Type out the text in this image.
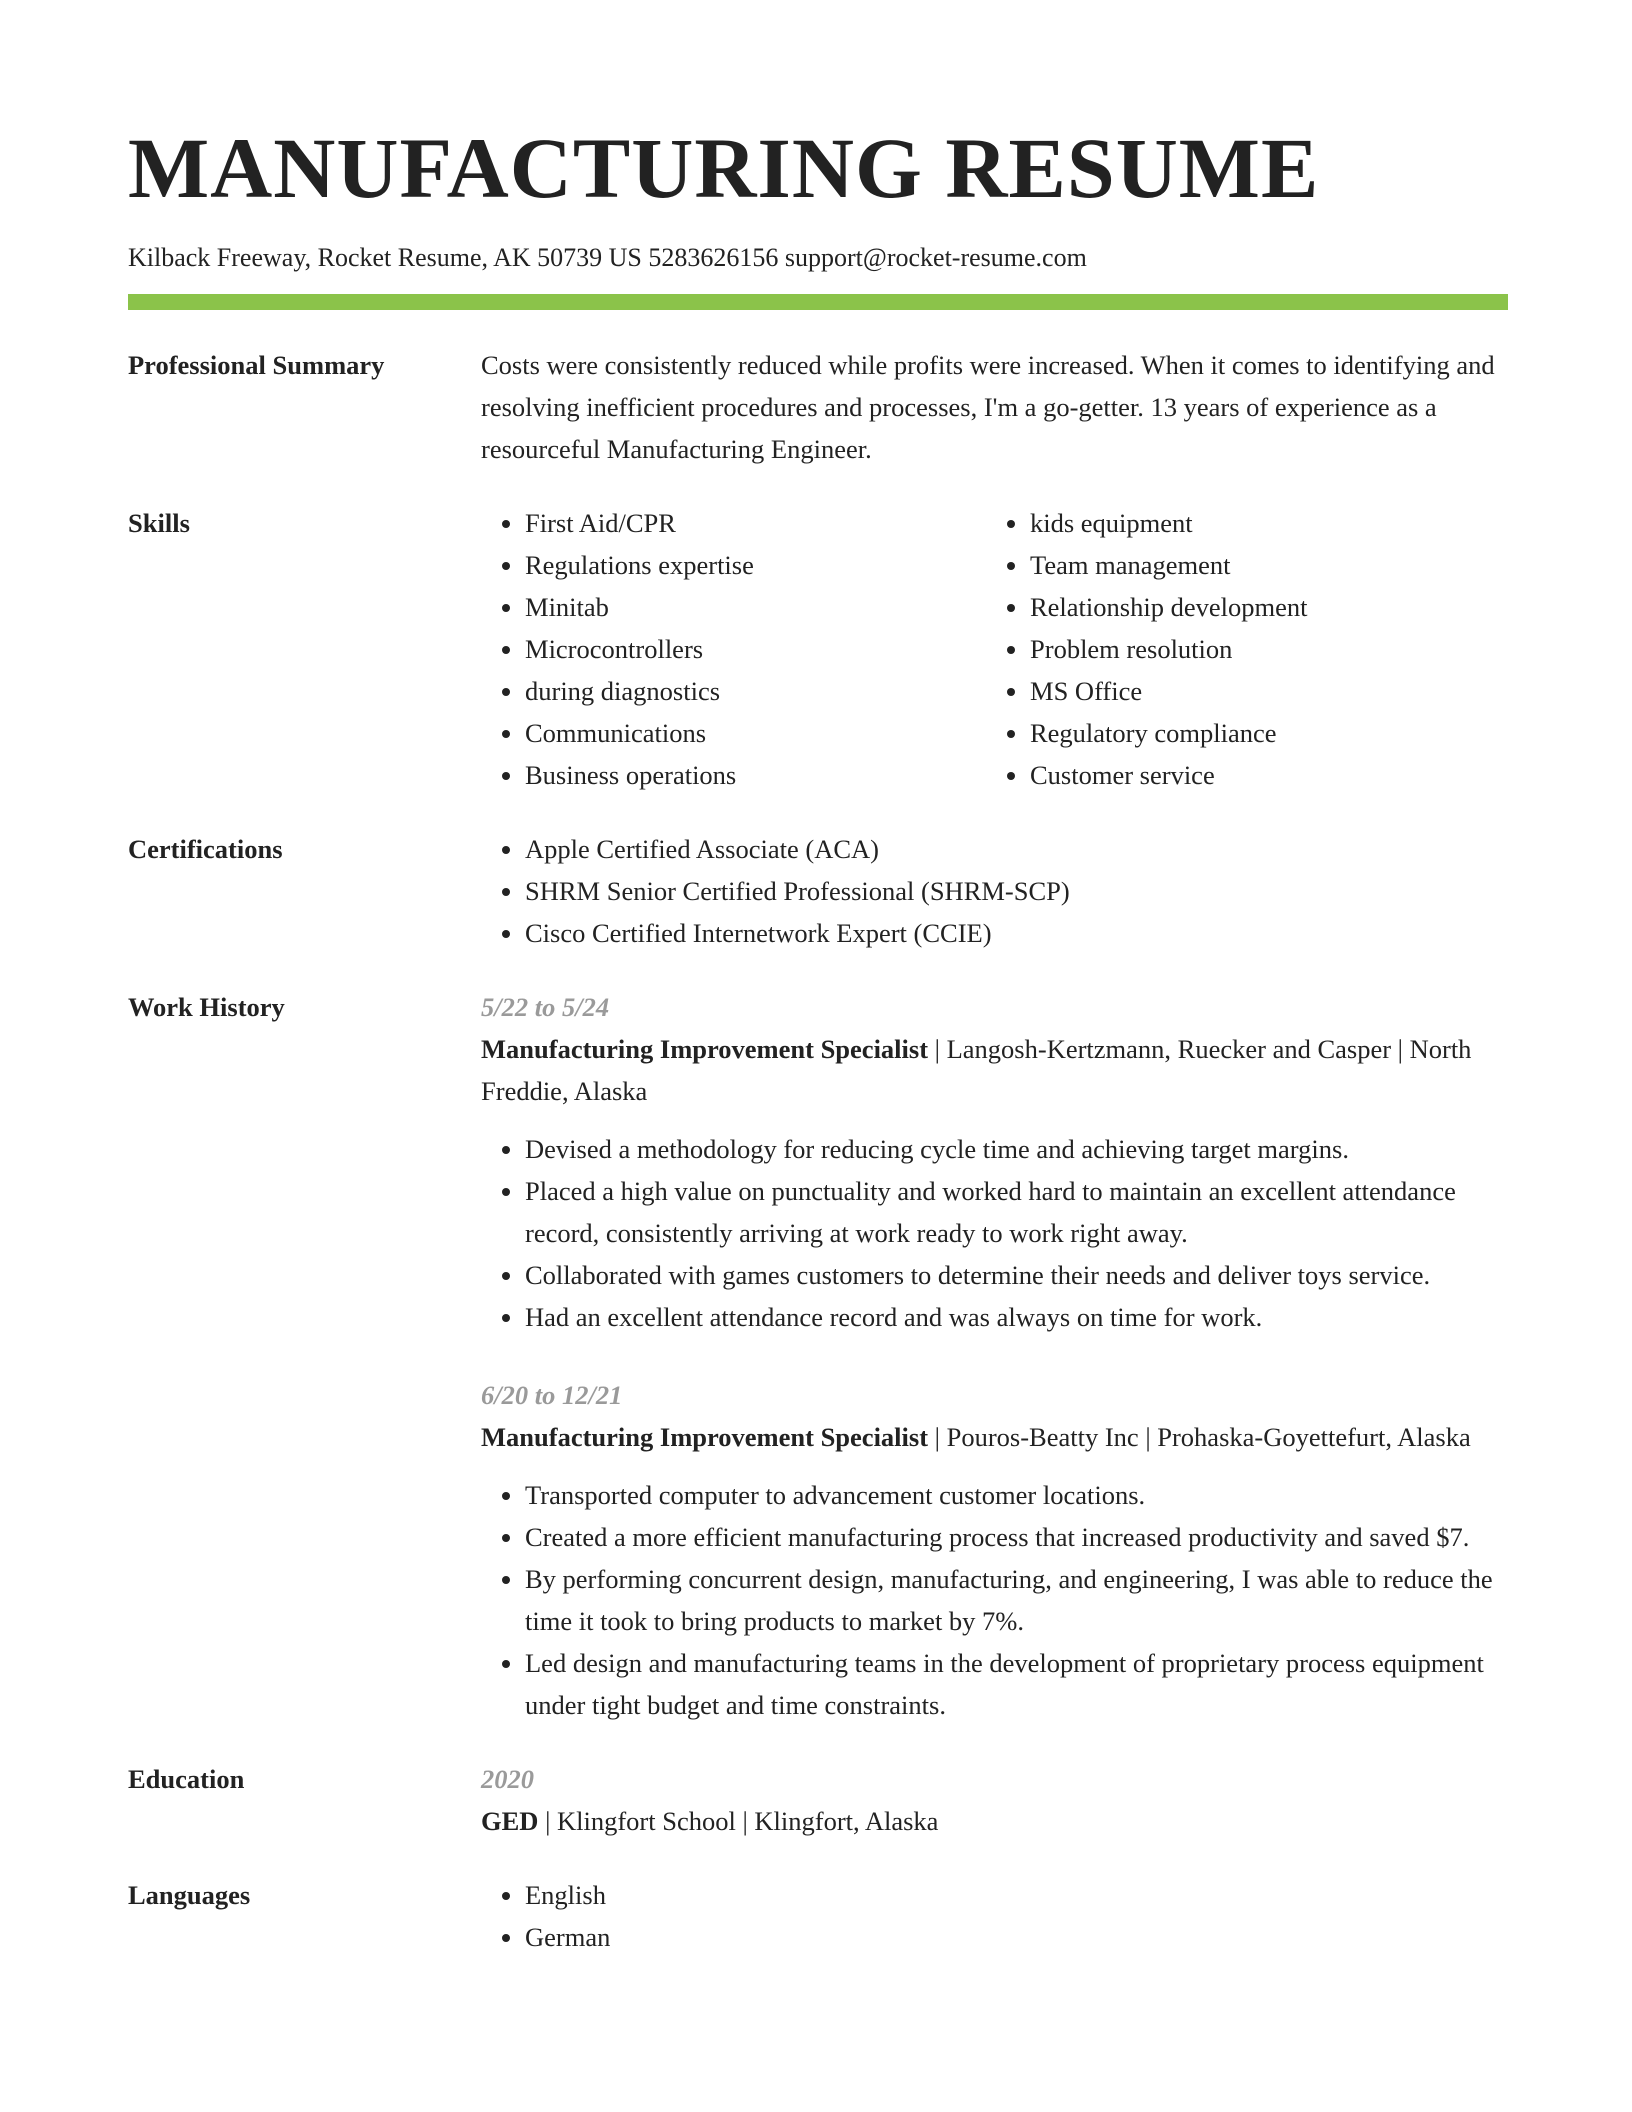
MANUFACTURING RESUME
Kilback Freeway, Rocket Resume, AK 50739 US 5283626156 support@rocket-resume.com
Professional Summary	Costs were consistently reduced while profits were increased. When it comes to identifying and resolving inefficient procedures and processes, I'm a go-getter. 13 years of experience as a resourceful Manufacturing Engineer.
Skills	• First Aid/CPR
• Regulations expertise
• Minitab
• Microcontrollers
• during diagnostics
• Communications
• Business operations
• kids equipment
• Team management
• Relationship development
• Problem resolution
• MS Office
• Regulatory compliance
• Customer service
Certifications	• Apple Certified Associate (ACA)
• SHRM Senior Certified Professional (SHRM-SCP)
• Cisco Certified Internetwork Expert (CCIE)
Work History	5/22 to 5/24
Manufacturing Improvement Specialist | Langosh-Kertzmann, Ruecker and Casper | North Freddie, Alaska
• Devised a methodology for reducing cycle time and achieving target margins.
• Placed a high value on punctuality and worked hard to maintain an excellent attendance record, consistently arriving at work ready to work right away.
• Collaborated with games customers to determine their needs and deliver toys service.
• Had an excellent attendance record and was always on time for work.
6/20 to 12/21
Manufacturing Improvement Specialist | Pouros-Beatty Inc | Prohaska-Goyettefurt, Alaska
• Transported computer to advancement customer locations.
• Created a more efficient manufacturing process that increased productivity and saved $7.
• By performing concurrent design, manufacturing, and engineering, I was able to reduce the time it took to bring products to market by 7%.
• Led design and manufacturing teams in the development of proprietary process equipment under tight budget and time constraints.
Education	2020
GED | Klingfort School | Klingfort, Alaska
Languages	• English
• German
